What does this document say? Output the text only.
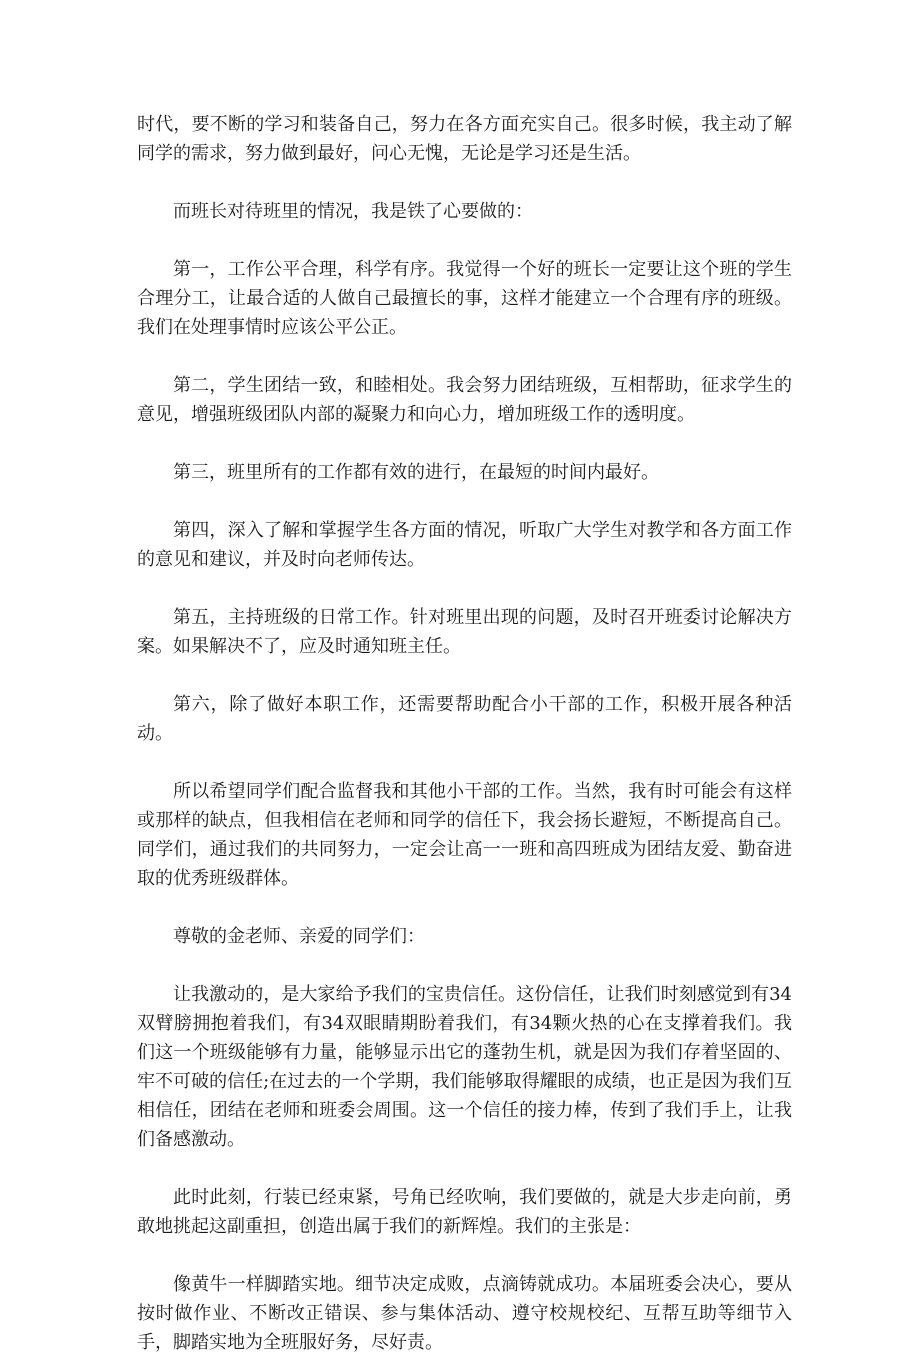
时代，要不断的学习和装备自己，努力在各方面充实自己。很多时候，我主动了解同学的需求，努力做到最好，问心无愧，无论是学习还是生活。

而班长对待班里的情况，我是铁了心要做的：

第一，工作公平合理，科学有序。我觉得一个好的班长一定要让这个班的学生合理分工，让最合适的人做自己最擅长的事，这样才能建立一个合理有序的班级。我们在处理事情时应该公平公正。

第二，学生团结一致，和睦相处。我会努力团结班级，互相帮助，征求学生的意见，增强班级团队内部的凝聚力和向心力，增加班级工作的透明度。

第三，班里所有的工作都有效的进行，在最短的时间内最好。

第四，深入了解和掌握学生各方面的情况，听取广大学生对教学和各方面工作的意见和建议，并及时向老师传达。

第五，主持班级的日常工作。针对班里出现的问题，及时召开班委讨论解决方案。如果解决不了，应及时通知班主任。

第六，除了做好本职工作，还需要帮助配合小干部的工作，积极开展各种活动。

所以希望同学们配合监督我和其他小干部的工作。当然，我有时可能会有这样或那样的缺点，但我相信在老师和同学的信任下，我会扬长避短，不断提高自己。同学们，通过我们的共同努力，一定会让高一一班和高四班成为团结友爱、勤奋进取的优秀班级群体。

尊敬的金老师、亲爱的同学们：

让我激动的，是大家给予我们的宝贵信任。这份信任，让我们时刻感觉到有34双臂膀拥抱着我们，有34双眼睛期盼着我们，有34颗火热的心在支撑着我们。我们这一个班级能够有力量，能够显示出它的蓬勃生机，就是因为我们存着坚固的、牢不可破的信任;在过去的一个学期，我们能够取得耀眼的成绩，也正是因为我们互相信任，团结在老师和班委会周围。这一个信任的接力棒，传到了我们手上，让我们备感激动。

此时此刻，行装已经束紧，号角已经吹响，我们要做的，就是大步走向前，勇敢地挑起这副重担，创造出属于我们的新辉煌。我们的主张是：

像黄牛一样脚踏实地。细节决定成败，点滴铸就成功。本届班委会决心，要从按时做作业、不断改正错误、参与集体活动、遵守校规校纪、互帮互助等细节入手，脚踏实地为全班服好务，尽好责。
